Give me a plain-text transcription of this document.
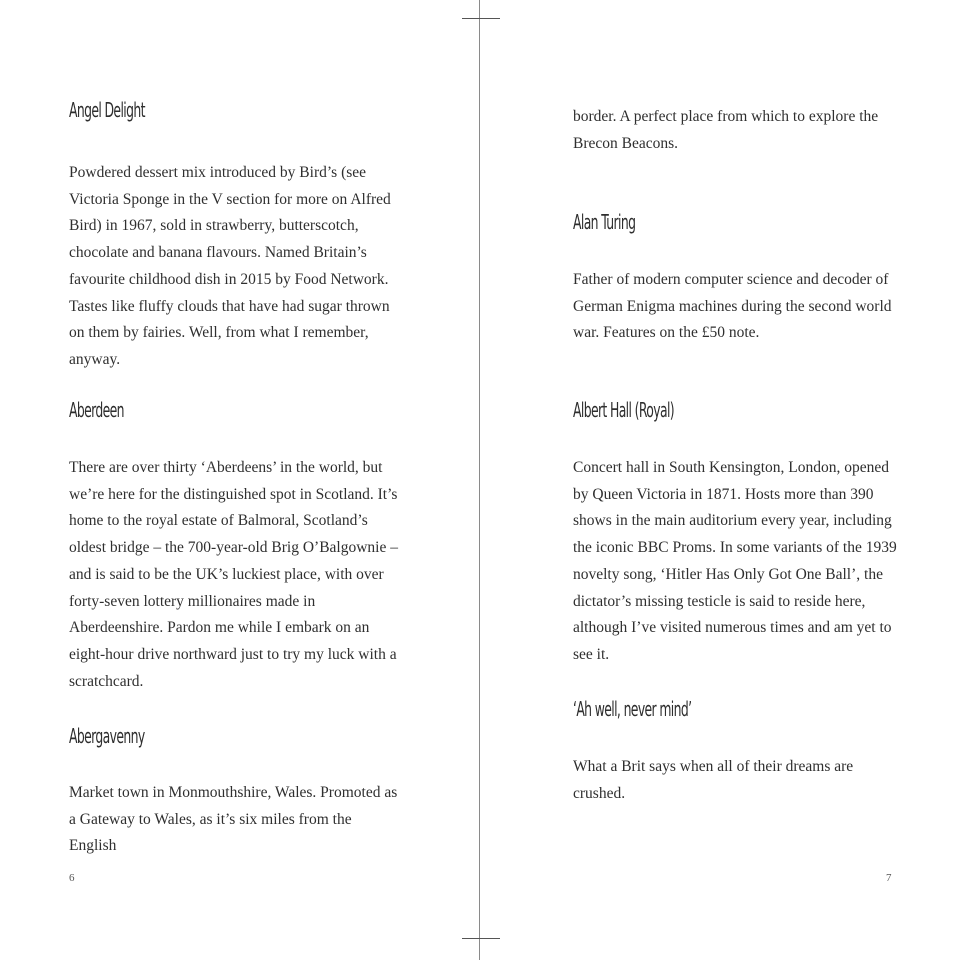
Angel Delight

Powdered dessert mix introduced by Bird’s (see Victoria Sponge in the V section for more on Alfred Bird) in 1967, sold in strawberry, butterscotch, chocolate and banana flavours. Named Britain’s favourite childhood dish in 2015 by Food Network. Tastes like fluffy clouds that have had sugar thrown on them by fairies. Well, from what I remember, anyway.

Aberdeen

There are over thirty ‘Aberdeens’ in the world, but we’re here for the distinguished spot in Scotland. It’s home to the royal estate of Balmoral, Scotland’s oldest bridge – the 700-year-old Brig O’Balgownie – and is said to be the UK’s luckiest place, with over forty-seven lottery millionaires made in Aberdeenshire. Pardon me while I embark on an eight-hour drive northward just to try my luck with a scratchcard.

Abergavenny

Market town in Monmouthshire, Wales. Promoted as a Gateway to Wales, as it’s six miles from the English

6

border. A perfect place from which to explore the Brecon Beacons.

Alan Turing

Father of modern computer science and decoder of German Enigma machines during the second world war. Features on the £50 note.

Albert Hall (Royal)

Concert hall in South Kensington, London, opened by Queen Victoria in 1871. Hosts more than 390 shows in the main auditorium every year, including the iconic BBC Proms. In some variants of the 1939 novelty song, ‘Hitler Has Only Got One Ball’, the dictator’s missing testicle is said to reside here, although I’ve visited numerous times and am yet to see it.

‘Ah well, never mind’

What a Brit says when all of their dreams are crushed.

7
